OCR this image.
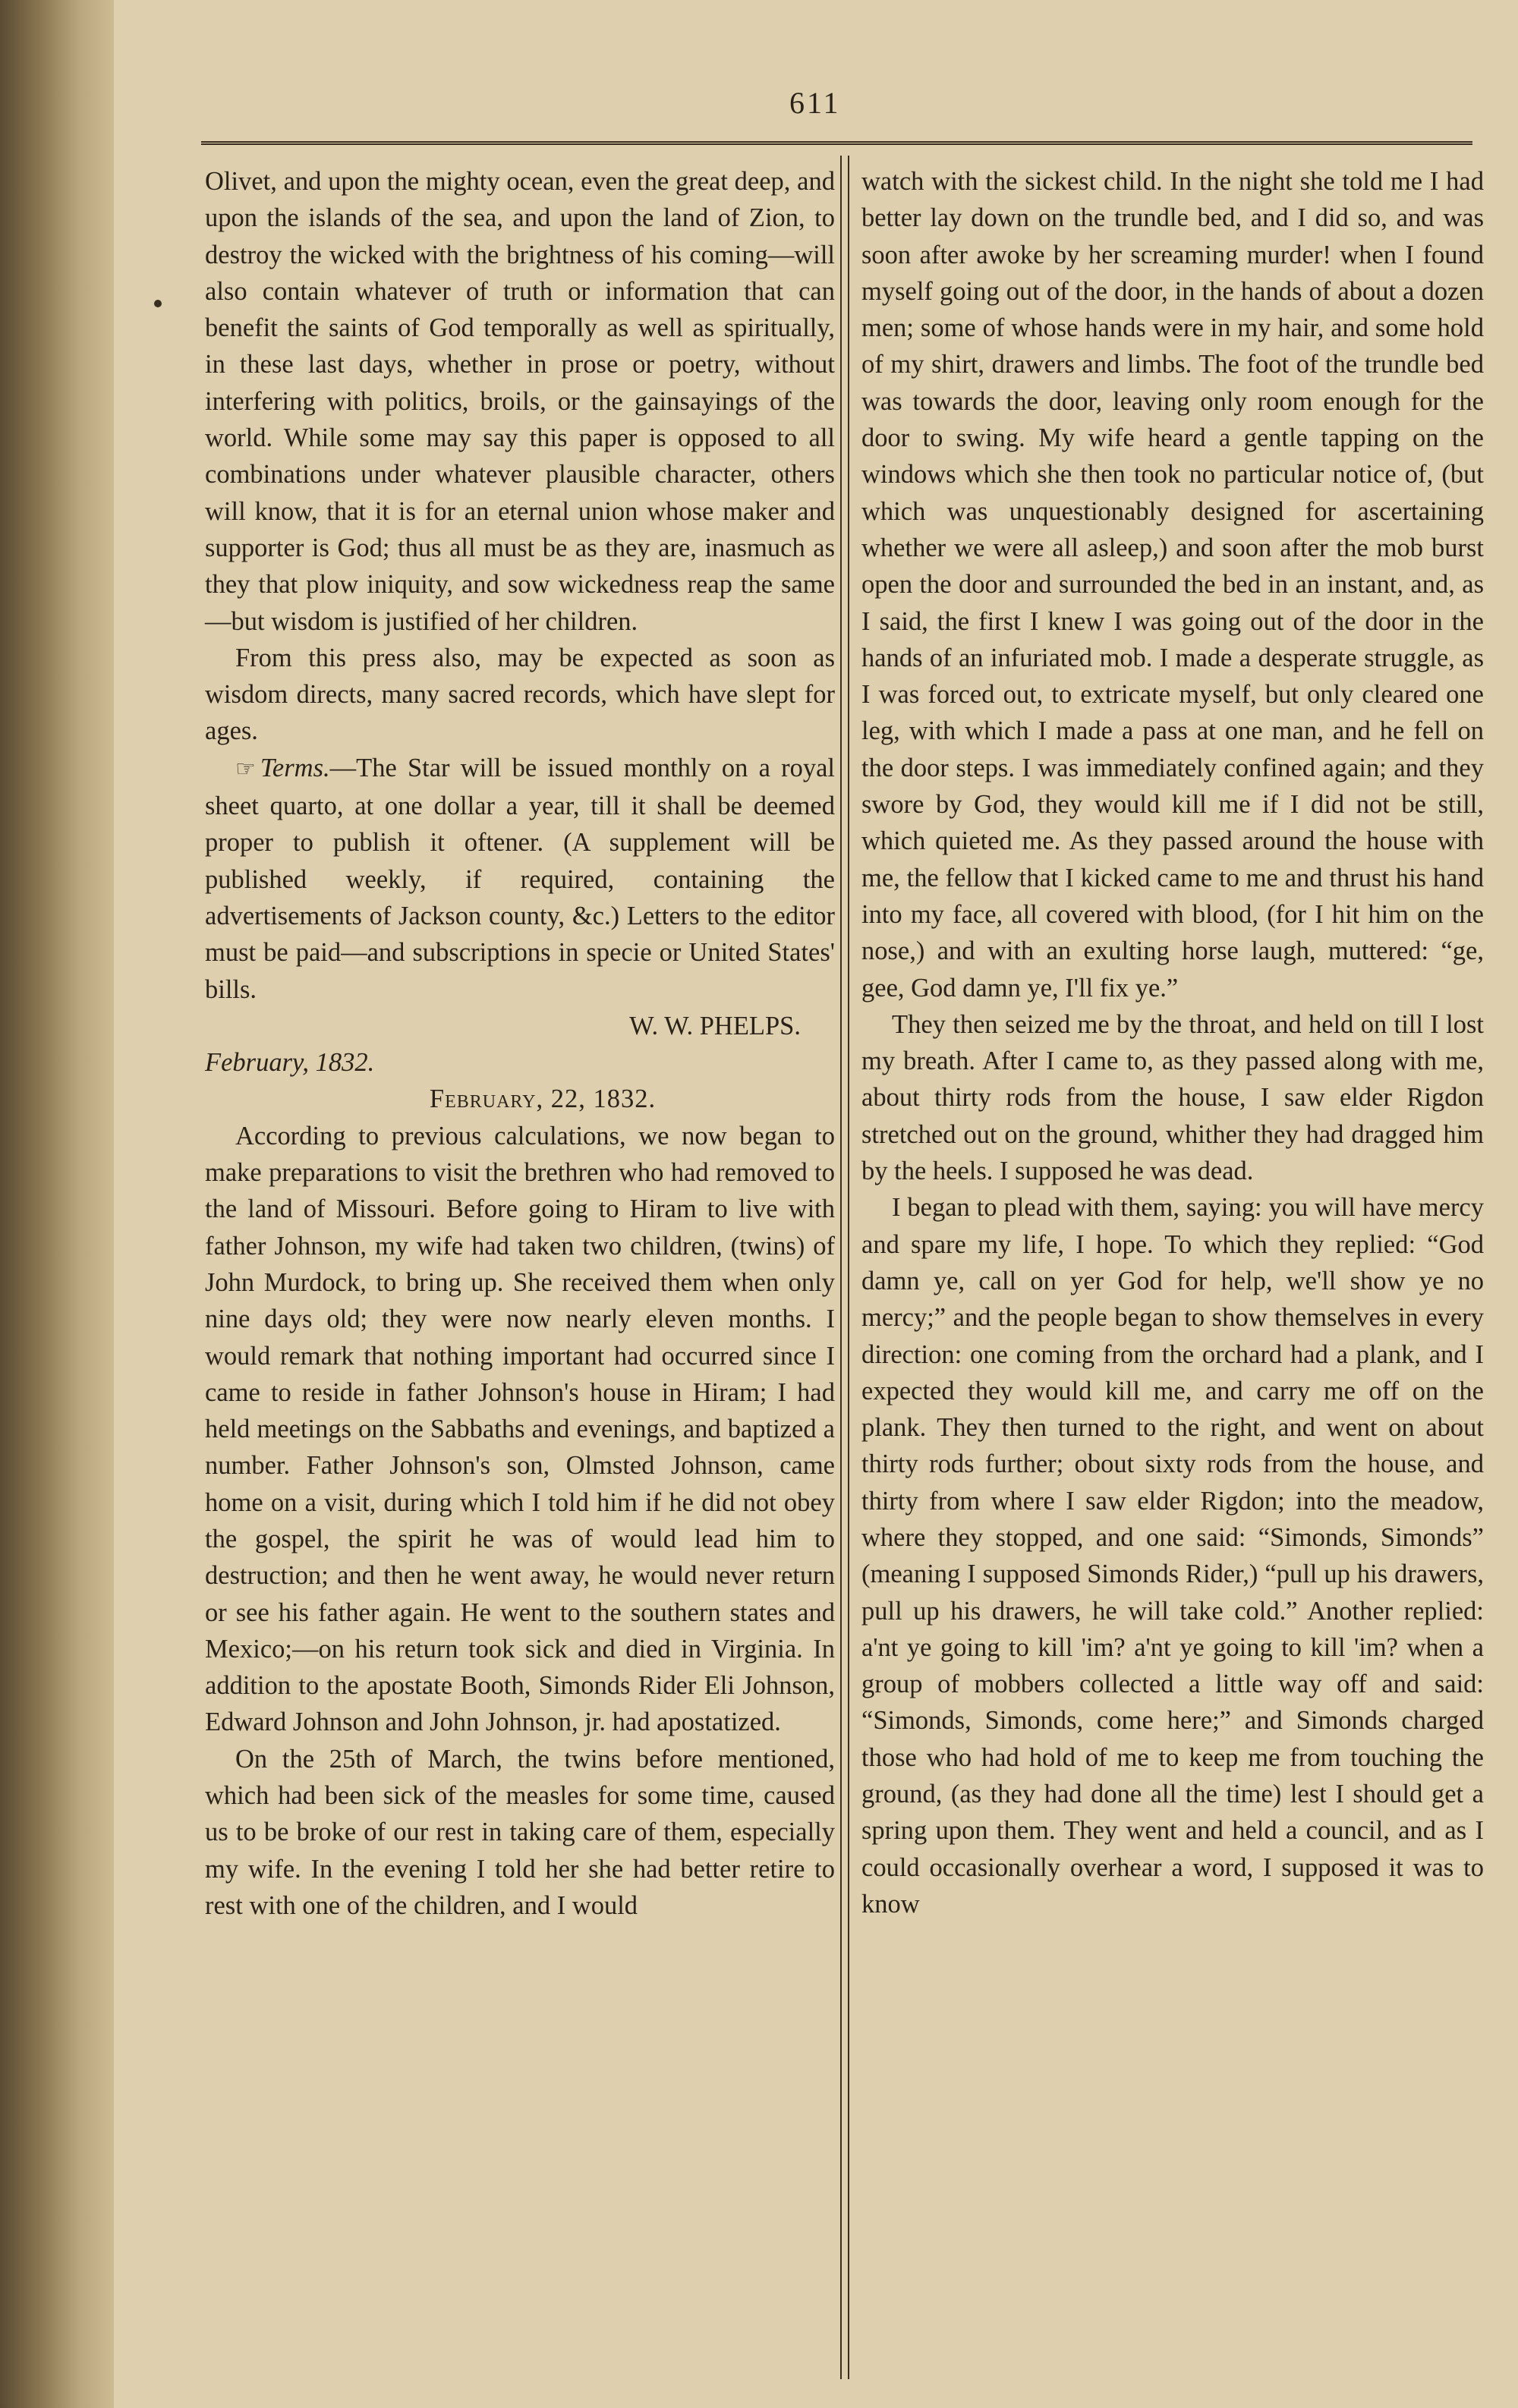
611

Olivet, and upon the mighty ocean, even the great deep, and upon the islands of the sea, and upon the land of Zion, to destroy the wicked with the brightness of his coming—will also contain whatever of truth or information that can benefit the saints of God temporally as well as spiritually, in these last days, whether in prose or poetry, without interfering with politics, broils, or the gainsayings of the world. While some may say this paper is opposed to all combinations under whatever plausible character, others will know, that it is for an eternal union whose maker and supporter is God; thus all must be as they are, inasmuch as they that plow iniquity, and sow wickedness reap the same—but wisdom is justified of her children.

From this press also, may be expected as soon as wisdom directs, many sacred records, which have slept for ages.

☞ Terms.—The Star will be issued monthly on a royal sheet quarto, at one dollar a year, till it shall be deemed proper to publish it oftener. (A supplement will be published weekly, if required, containing the advertisements of Jackson county, &c.) Letters to the editor must be paid—and subscriptions in specie or United States' bills.

W. W. PHELPS.

February, 1832.

February, 22, 1832.

According to previous calculations, we now began to make preparations to visit the brethren who had removed to the land of Missouri. Before going to Hiram to live with father Johnson, my wife had taken two children, (twins) of John Murdock, to bring up. She received them when only nine days old; they were now nearly eleven months. I would remark that nothing important had occurred since I came to reside in father Johnson's house in Hiram; I had held meetings on the Sabbaths and evenings, and baptized a number. Father Johnson's son, Olmsted Johnson, came home on a visit, during which I told him if he did not obey the gospel, the spirit he was of would lead him to destruction; and then he went away, he would never return or see his father again. He went to the southern states and Mexico;—on his return took sick and died in Virginia. In addition to the apostate Booth, Simonds Rider Eli Johnson, Edward Johnson and John Johnson, jr. had apostatized.

On the 25th of March, the twins before mentioned, which had been sick of the measles for some time, caused us to be broke of our rest in taking care of them, especially my wife. In the evening I told her she had better retire to rest with one of the children, and I would

watch with the sickest child. In the night she told me I had better lay down on the trundle bed, and I did so, and was soon after awoke by her screaming murder! when I found myself going out of the door, in the hands of about a dozen men; some of whose hands were in my hair, and some hold of my shirt, drawers and limbs. The foot of the trundle bed was towards the door, leaving only room enough for the door to swing. My wife heard a gentle tapping on the windows which she then took no particular notice of, (but which was unquestionably designed for ascertaining whether we were all asleep,) and soon after the mob burst open the door and surrounded the bed in an instant, and, as I said, the first I knew I was going out of the door in the hands of an infuriated mob. I made a desperate struggle, as I was forced out, to extricate myself, but only cleared one leg, with which I made a pass at one man, and he fell on the door steps. I was immediately confined again; and they swore by God, they would kill me if I did not be still, which quieted me. As they passed around the house with me, the fellow that I kicked came to me and thrust his hand into my face, all covered with blood, (for I hit him on the nose,) and with an exulting horse laugh, muttered: “ge, gee, God damn ye, I'll fix ye.”

They then seized me by the throat, and held on till I lost my breath. After I came to, as they passed along with me, about thirty rods from the house, I saw elder Rigdon stretched out on the ground, whither they had dragged him by the heels. I supposed he was dead.

I began to plead with them, saying: you will have mercy and spare my life, I hope. To which they replied: “God damn ye, call on yer God for help, we'll show ye no mercy;” and the people began to show themselves in every direction: one coming from the orchard had a plank, and I expected they would kill me, and carry me off on the plank. They then turned to the right, and went on about thirty rods further; obout sixty rods from the house, and thirty from where I saw elder Rigdon; into the meadow, where they stopped, and one said: “Simonds, Simonds” (meaning I supposed Simonds Rider,) “pull up his drawers, pull up his drawers, he will take cold.” Another replied: a'nt ye going to kill 'im? a'nt ye going to kill 'im? when a group of mobbers collected a little way off and said: “Simonds, Simonds, come here;” and Simonds charged those who had hold of me to keep me from touching the ground, (as they had done all the time) lest I should get a spring upon them. They went and held a council, and as I could occasionally overhear a word, I supposed it was to know
